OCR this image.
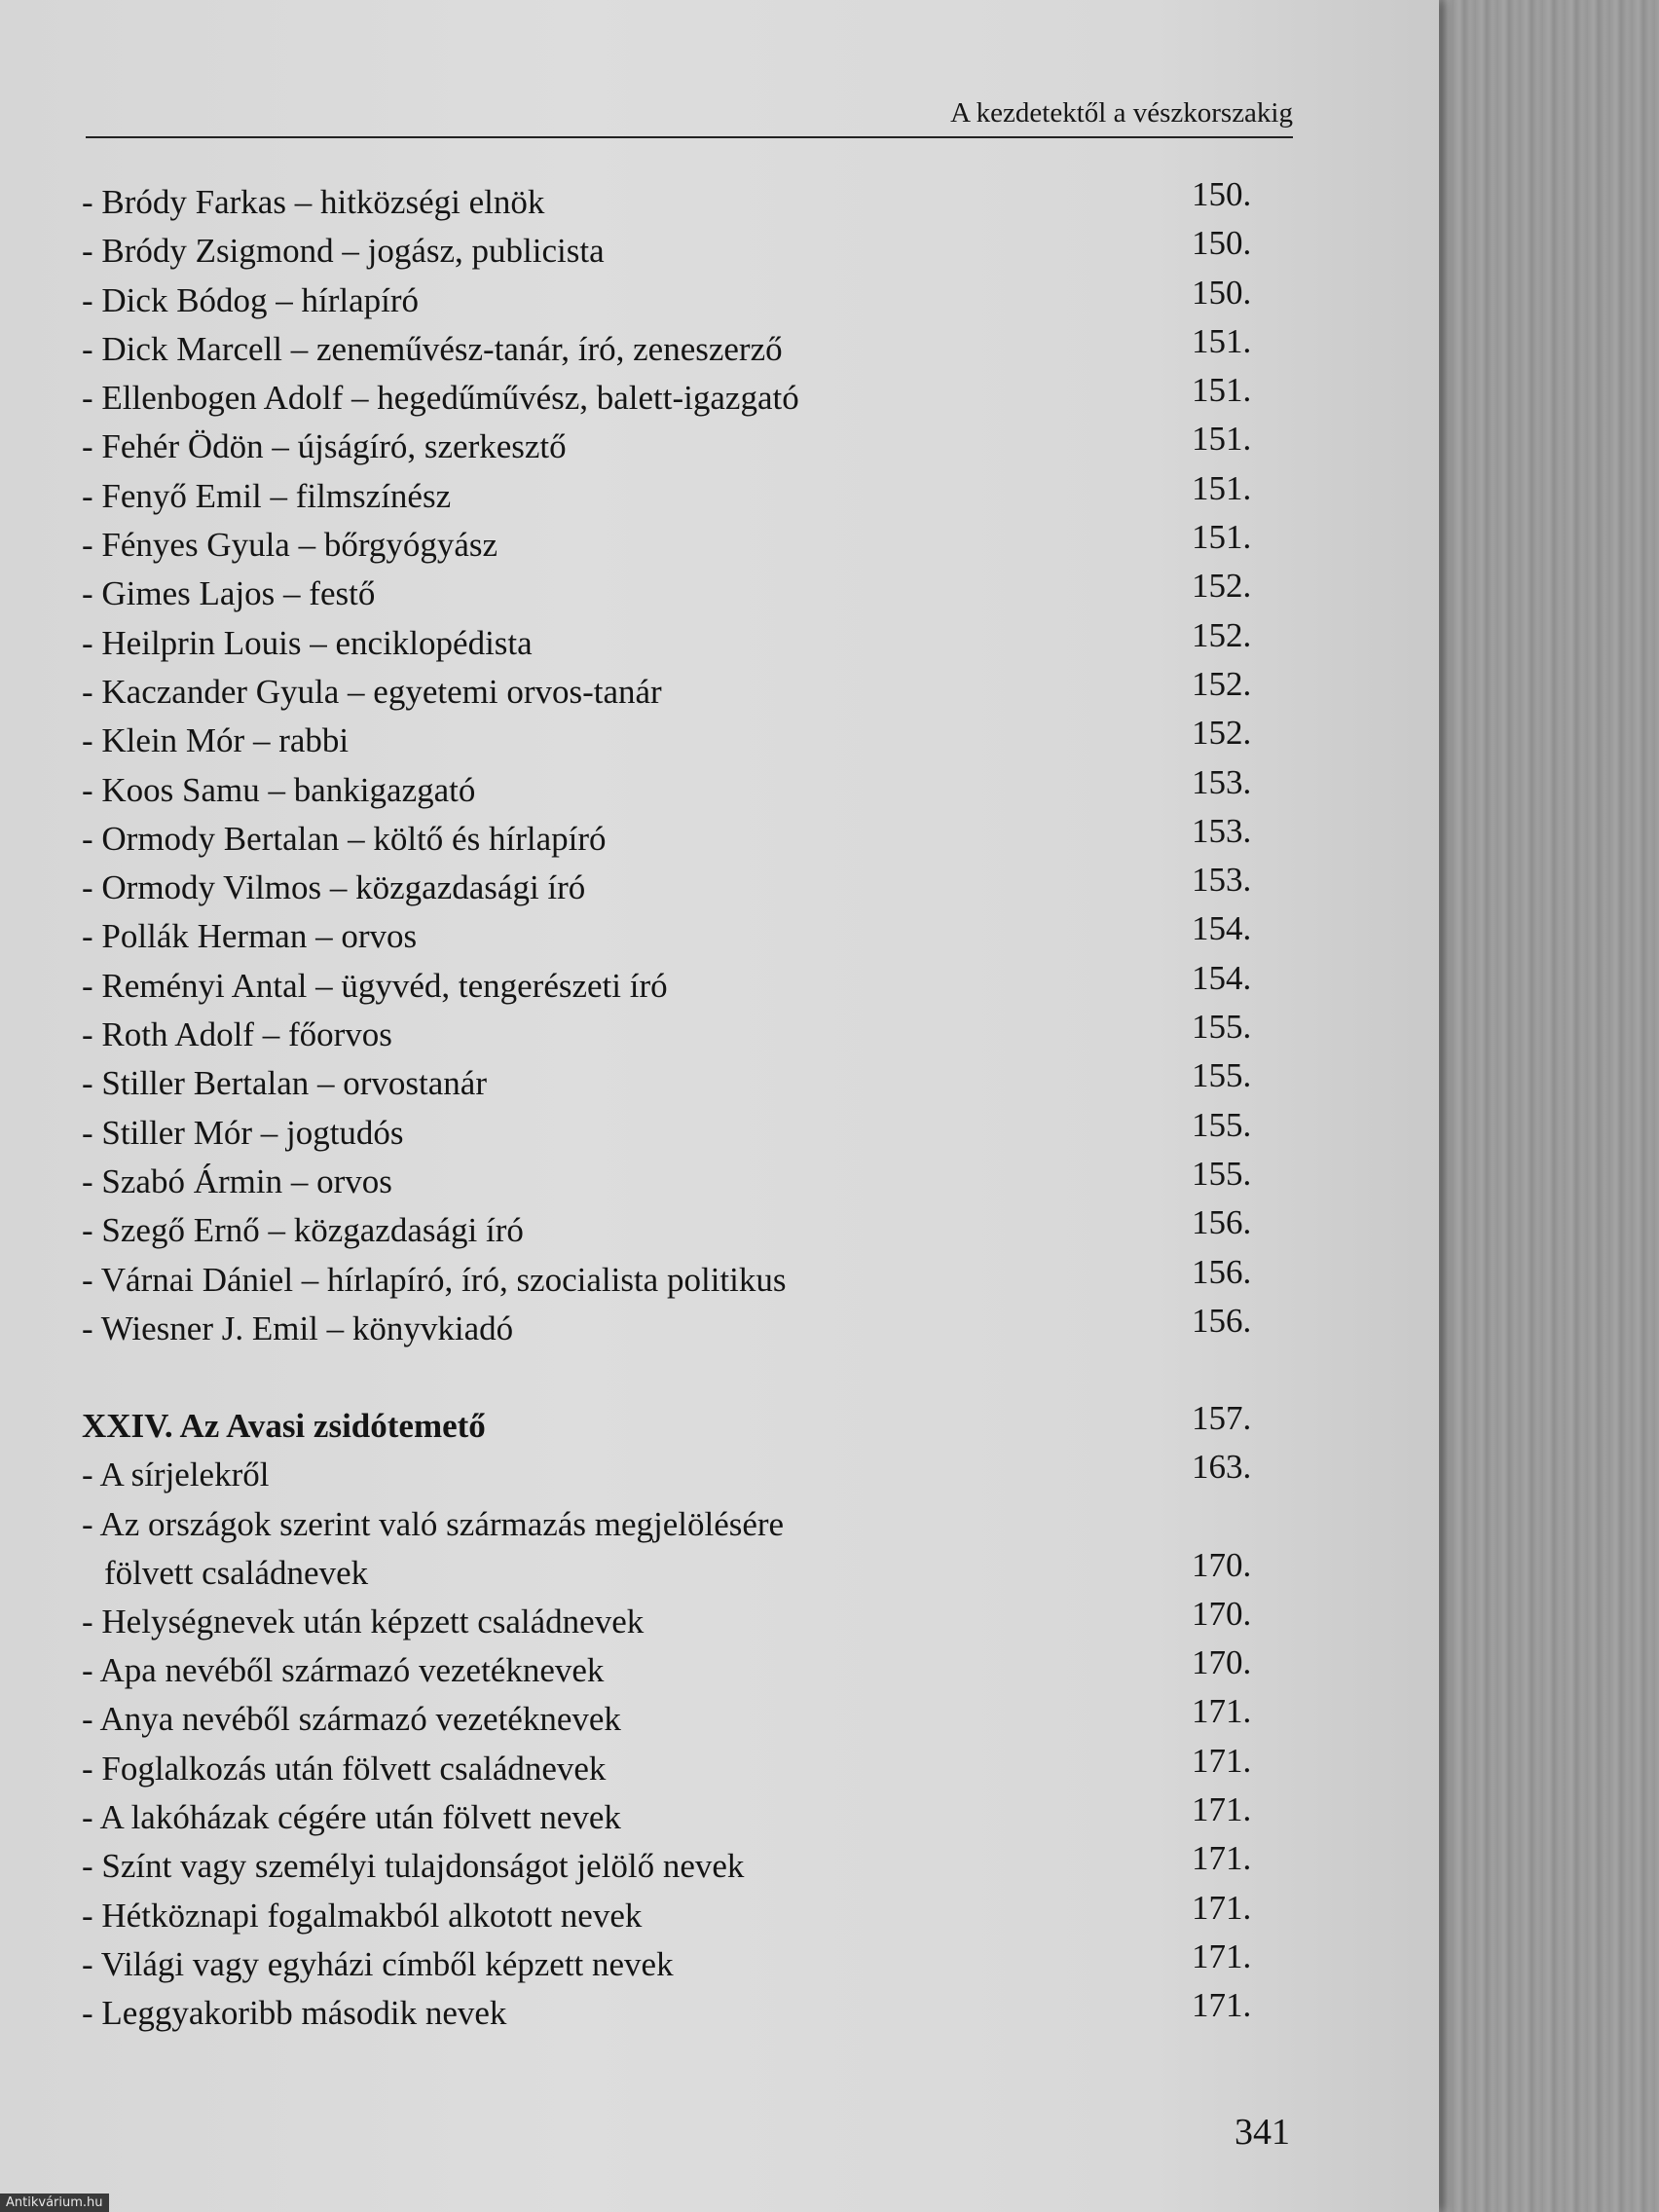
A kezdetektől a vészkorszakig
- Bródy Farkas – hitközségi elnök	150.
- Bródy Zsigmond – jogász, publicista	150.
- Dick Bódog – hírlapíró	150.
- Dick Marcell – zeneművész-tanár, író, zeneszerző	151.
- Ellenbogen Adolf – hegedűművész, balett-igazgató	151.
- Fehér Ödön – újságíró, szerkesztő	151.
- Fenyő Emil – filmszínész	151.
- Fényes Gyula – bőrgyógyász	151.
- Gimes Lajos – festő	152.
- Heilprin Louis – enciklopédista	152.
- Kaczander Gyula – egyetemi orvos-tanár	152.
- Klein Mór – rabbi	152.
- Koos Samu – bankigazgató	153.
- Ormody Bertalan – költő és hírlapíró	153.
- Ormody Vilmos – közgazdasági író	153.
- Pollák Herman – orvos	154.
- Reményi Antal – ügyvéd, tengerészeti író	154.
- Roth Adolf – főorvos	155.
- Stiller Bertalan – orvostanár	155.
- Stiller Mór – jogtudós	155.
- Szabó Ármin – orvos	155.
- Szegő Ernő – közgazdasági író	156.
- Várnai Dániel – hírlapíró, író, szocialista politikus	156.
- Wiesner J. Emil – könyvkiadó	156.
XXIV. Az Avasi zsidótemető	157.
- A sírjelekről	163.
- Az országok szerint való származás megjelölésére
fölvett családnevek	170.
- Helységnevek után képzett családnevek	170.
- Apa nevéből származó vezetéknevek	170.
- Anya nevéből származó vezetéknevek	171.
- Foglalkozás után fölvett családnevek	171.
- A lakóházak cégére után fölvett nevek	171.
- Színt vagy személyi tulajdonságot jelölő nevek	171.
- Hétköznapi fogalmakból alkotott nevek	171.
- Világi vagy egyházi címből képzett nevek	171.
- Leggyakoribb második nevek	171.
341
Antikvárium.hu
